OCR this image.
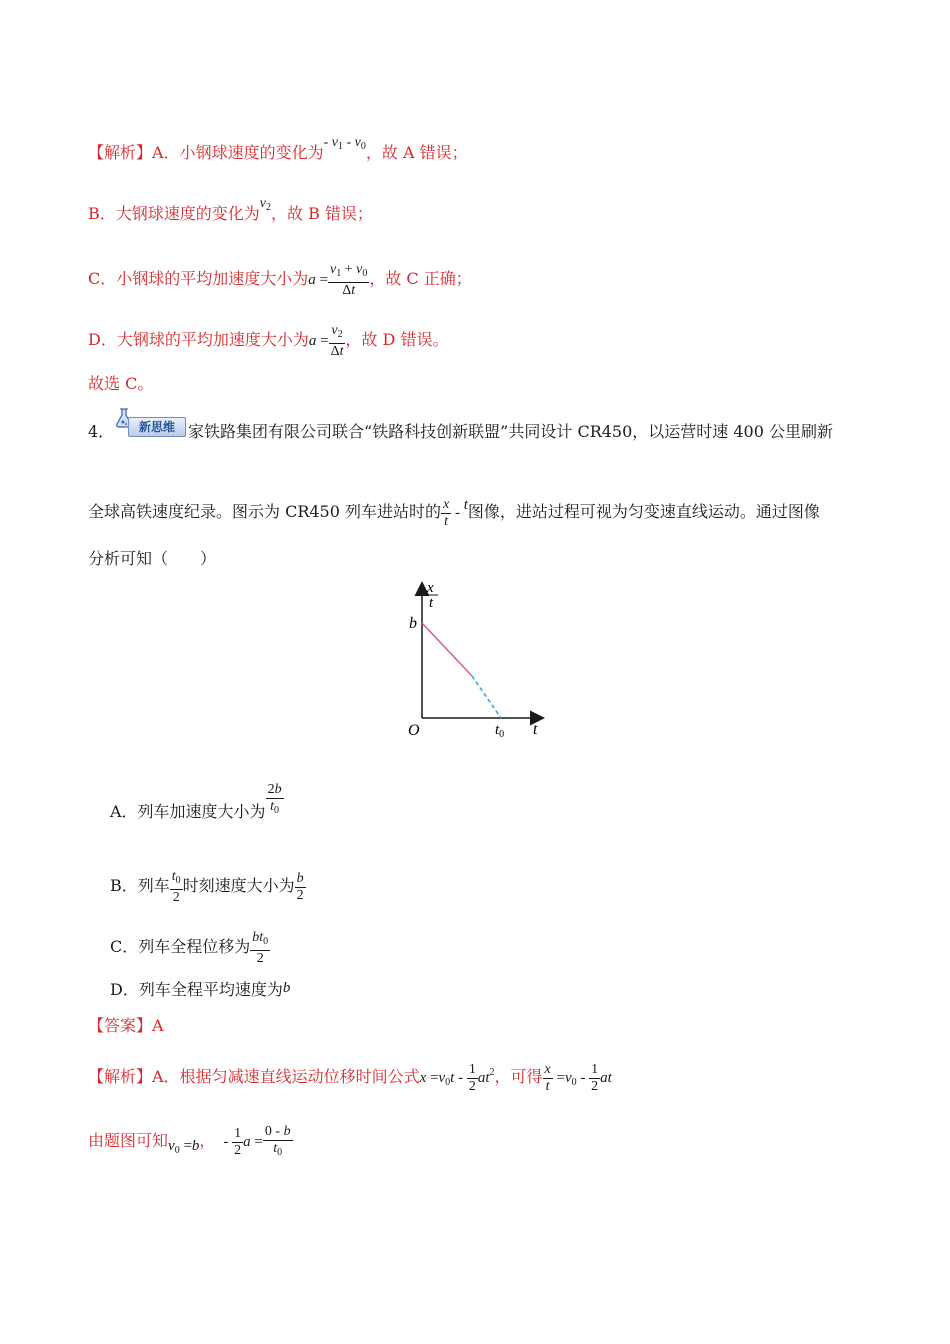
【解析】A．小钢球速度的变化为- $v_1 - v_0$，故 A 错误；
B．大钢球速度的变化为$v_2$，故 B 错误；
C．小钢球的平均加速度大小为$a = \frac{v_1 + v_0}{\Delta t}$ ，故 C 正确；
D．大钢球的平均加速度大小为$a = \frac{v_2}{\Delta t}$ ，故 D 错误。
故选 C。
4．	新思维 家铁路集团有限公司联合“铁路科技创新联盟”共同设计 CR450，以运营时速 400 公里刷新
全球高铁速度纪录。图示为 CR450 列车进站时的 $\frac{x}{t}$ - t图像，进站过程可视为匀变速直线运动。通过图像
分析可知（　　）
x
t
b
O	$t_0$ t
A．列车加速度大小为 $\frac{2b}{t_0}$
B．列车 $\frac{t_0}{2}$ 时刻速度大小为 $\frac{b}{2}$
C．列车全程位移为 $\frac{bt_0}{2}$
D．列车全程平均速度为b
【答案】A
【解析】A．根据匀减速直线运动位移时间公式$x =v_0t - \frac{1}{2} at^2$，可得 $\frac{x}{t} =v_0 - \frac{1}{2}$ at
由题图可知$v_0 =b$， - $\frac{1}{2}$ $a = \frac{0 - b}{t_0}$
